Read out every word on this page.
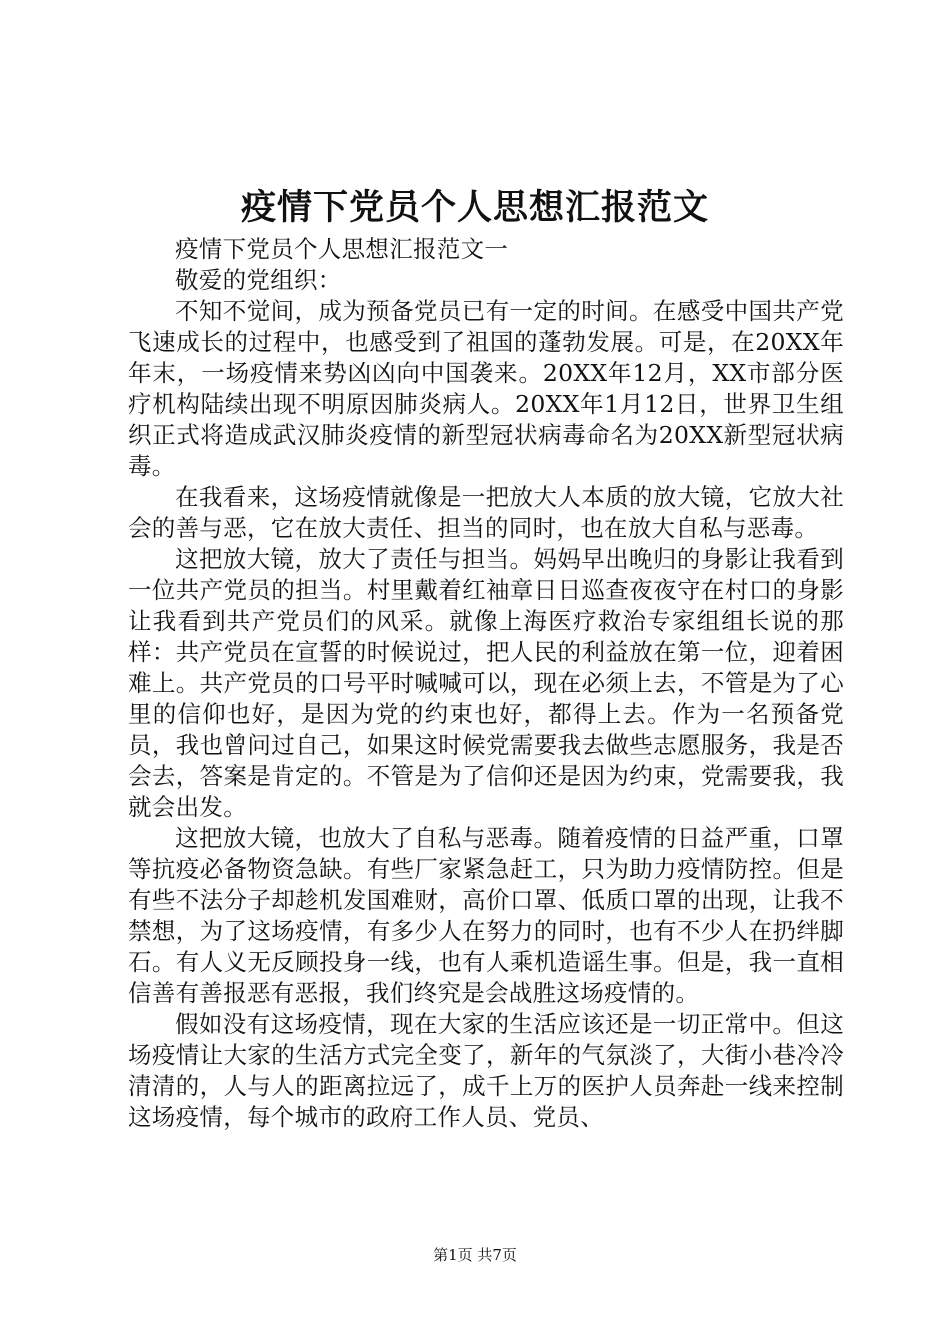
疫情下党员个人思想汇报范文

疫情下党员个人思想汇报范文一

敬爱的党组织：

不知不觉间，成为预备党员已有一定的时间。在感受中国共产党飞速成长的过程中，也感受到了祖国的蓬勃发展。可是，在20XX年年末，一场疫情来势凶凶向中国袭来。20XX年12月，XX市部分医疗机构陆续出现不明原因肺炎病人。20XX年1月12日，世界卫生组织正式将造成武汉肺炎疫情的新型冠状病毒命名为20XX新型冠状病毒。

在我看来，这场疫情就像是一把放大人本质的放大镜，它放大社会的善与恶，它在放大责任、担当的同时，也在放大自私与恶毒。

这把放大镜，放大了责任与担当。妈妈早出晚归的身影让我看到一位共产党员的担当。村里戴着红袖章日日巡查夜夜守在村口的身影让我看到共产党员们的风采。就像上海医疗救治专家组组长说的那样：共产党员在宣誓的时候说过，把人民的利益放在第一位，迎着困难上。共产党员的口号平时喊喊可以，现在必须上去，不管是为了心里的信仰也好，是因为党的约束也好，都得上去。作为一名预备党员，我也曾问过自己，如果这时候党需要我去做些志愿服务，我是否会去，答案是肯定的。不管是为了信仰还是因为约束，党需要我，我就会出发。

这把放大镜，也放大了自私与恶毒。随着疫情的日益严重，口罩等抗疫必备物资急缺。有些厂家紧急赶工，只为助力疫情防控。但是有些不法分子却趁机发国难财，高价口罩、低质口罩的出现，让我不禁想，为了这场疫情，有多少人在努力的同时，也有不少人在扔绊脚石。有人义无反顾投身一线，也有人乘机造谣生事。但是，我一直相信善有善报恶有恶报，我们终究是会战胜这场疫情的。

假如没有这场疫情，现在大家的生活应该还是一切正常中。但这场疫情让大家的生活方式完全变了，新年的气氛淡了，大街小巷冷冷清清的，人与人的距离拉远了，成千上万的医护人员奔赴一线来控制这场疫情，每个城市的政府工作人员、党员、

第1页 共7页
